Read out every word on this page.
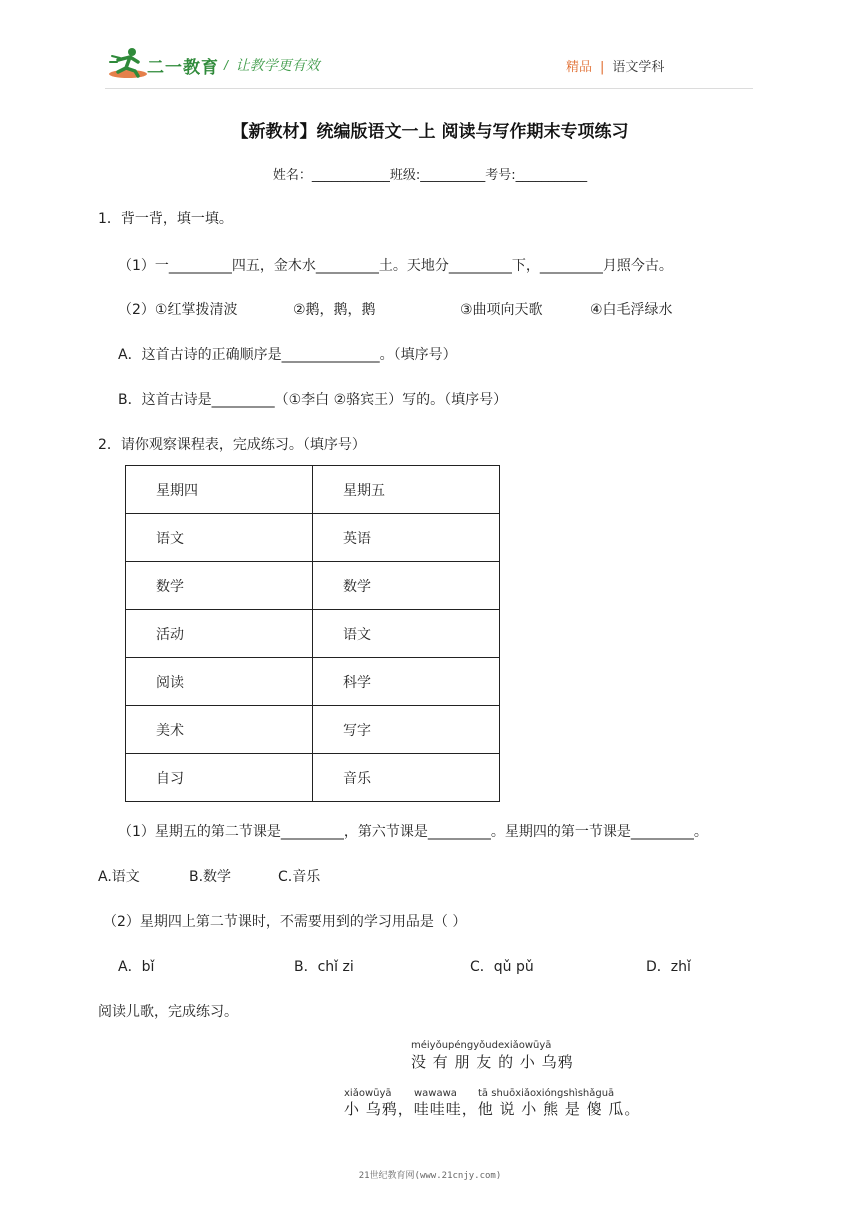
二一教育 /  让教学更有效	精品 | 语文学科
【新教材】统编版语文一上 阅读与写作期末专项练习
姓名：____________班级:__________考号:___________
1．背一背，填一填。
（1）一_________四五，金木水_________土。天地分_________下，_________月照今古。
（2）①红掌拨清波	②鹅，鹅，鹅	③曲项向天歌	④白毛浮绿水
A．这首古诗的正确顺序是______________。（填序号）
B．这首古诗是_________（①李白 ②骆宾王）写的。（填序号）
2．请你观察课程表，完成练习。（填序号）
星期四	星期五
语文	英语
数学	数学
活动	语文
阅读	科学
美术	写字
自习	音乐
（1）星期五的第二节课是_________，第六节课是_________。星期四的第一节课是_________。
A.语文	B.数学	C.音乐
（2）星期四上第二节课时，不需要用到的学习用品是（ ）
A．bǐ	B．chǐ zi	C．qǔ pǔ	D．zhǐ
阅读儿歌，完成练习。
méiyǒupéngyǒudexiǎowūyā
没 有 朋 友 的 小 乌鸦
xiǎowūyā wawawa tā shuōxiǎoxióngshìshǎguā
小 乌鸦，哇哇哇，他 说 小 熊 是 傻 瓜。
21世纪教育网(www.21cnjy.com)
